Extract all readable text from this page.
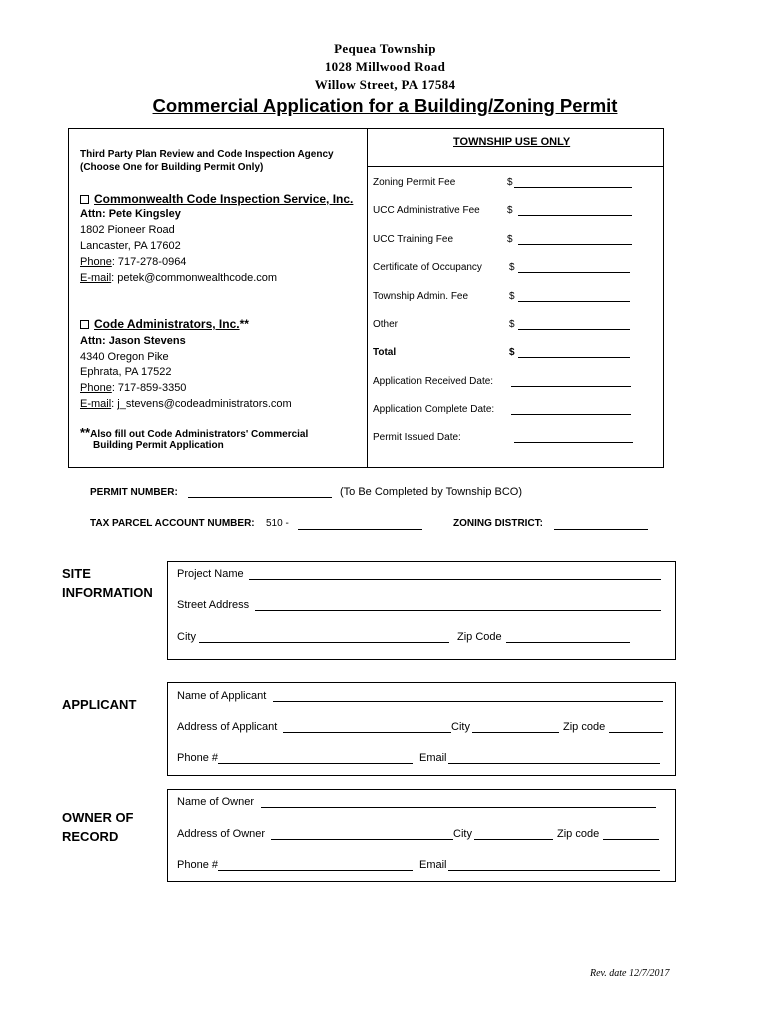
Pequea Township
1028 Millwood Road
Willow Street, PA 17584
Commercial Application for a Building/Zoning Permit
Third Party Plan Review and Code Inspection Agency
(Choose One for Building Permit Only)
Commonwealth Code Inspection Service, Inc.
Attn: Pete Kingsley
1802 Pioneer Road
Lancaster, PA 17602
Phone: 717-278-0964
E-mail: petek@commonwealthcode.com
Code Administrators, Inc.**
Attn: Jason Stevens
4340 Oregon Pike
Ephrata, PA 17522
Phone: 717-859-3350
E-mail: j_stevens@codeadministrators.com
**Also fill out Code Administrators' Commercial
Building Permit Application
TOWNSHIP USE ONLY
Zoning Permit Fee	$
UCC Administrative Fee	$
UCC Training Fee	$
Certificate of Occupancy	$
Township Admin. Fee	$
Other	$
Total	$
Application Received Date:
Application Complete Date:
Permit Issued Date:
PERMIT NUMBER:	(To Be Completed by Township BCO)
TAX PARCEL ACCOUNT NUMBER: 510 -	ZONING DISTRICT:
SITE
INFORMATION
Project Name
Street Address
City	Zip Code
APPLICANT
Name of Applicant
Address of Applicant	City	Zip code
Phone #	Email
OWNER OF
RECORD
Name of Owner
Address of Owner	City	Zip code
Phone #	Email
Rev. date 12/7/2017
